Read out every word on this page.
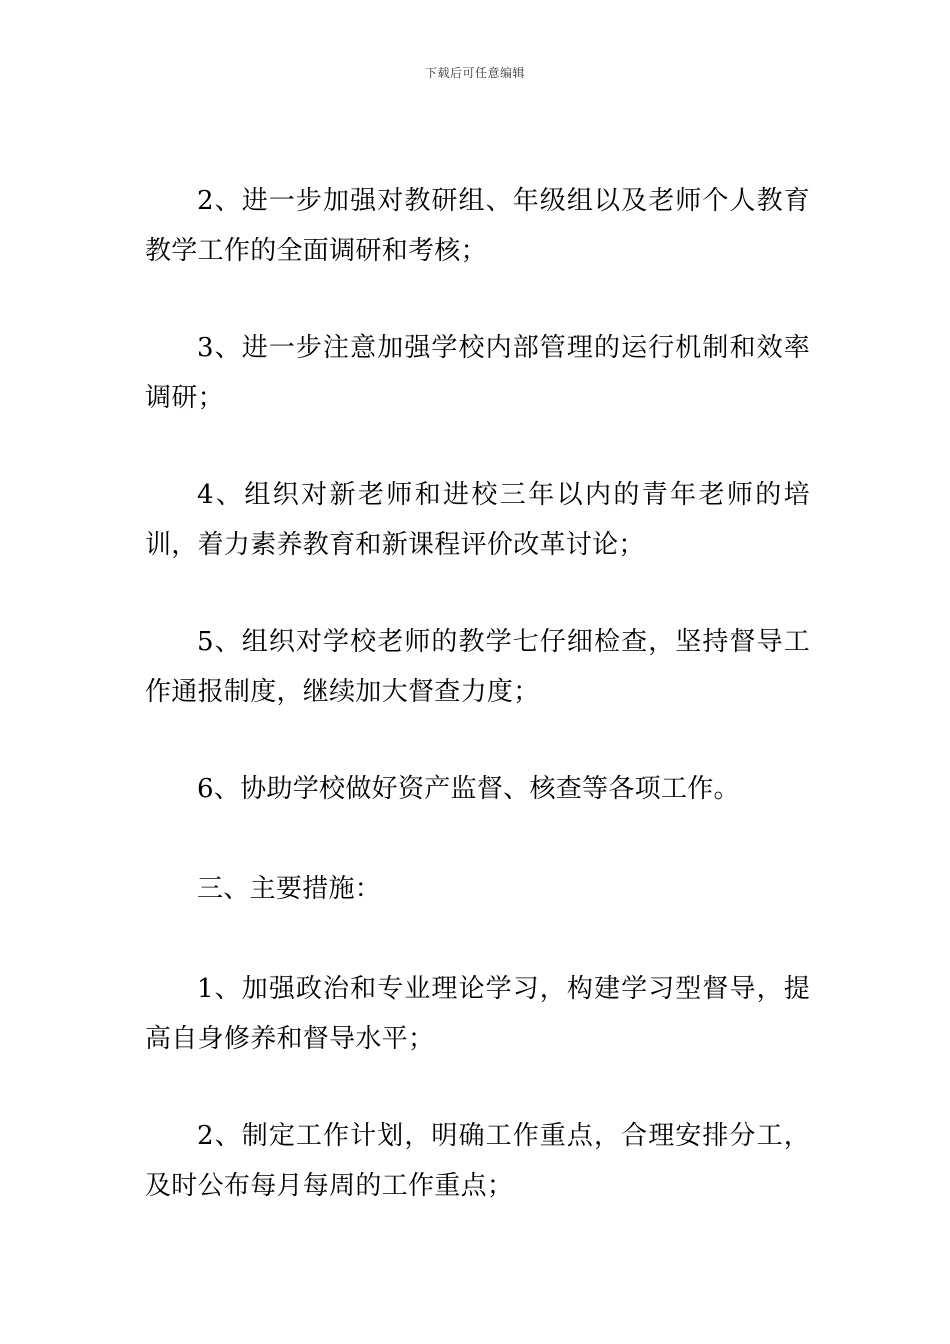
下载后可任意编辑

2、进一步加强对教研组、年级组以及老师个人教育教学工作的全面调研和考核；

3、进一步注意加强学校内部管理的运行机制和效率调研；

4、组织对新老师和进校三年以内的青年老师的培训，着力素养教育和新课程评价改革讨论；

5、组织对学校老师的教学七仔细检查，坚持督导工作通报制度，继续加大督查力度；

6、协助学校做好资产监督、核查等各项工作。

三、主要措施：

1、加强政治和专业理论学习，构建学习型督导，提高自身修养和督导水平；

2、制定工作计划，明确工作重点，合理安排分工，及时公布每月每周的工作重点；
